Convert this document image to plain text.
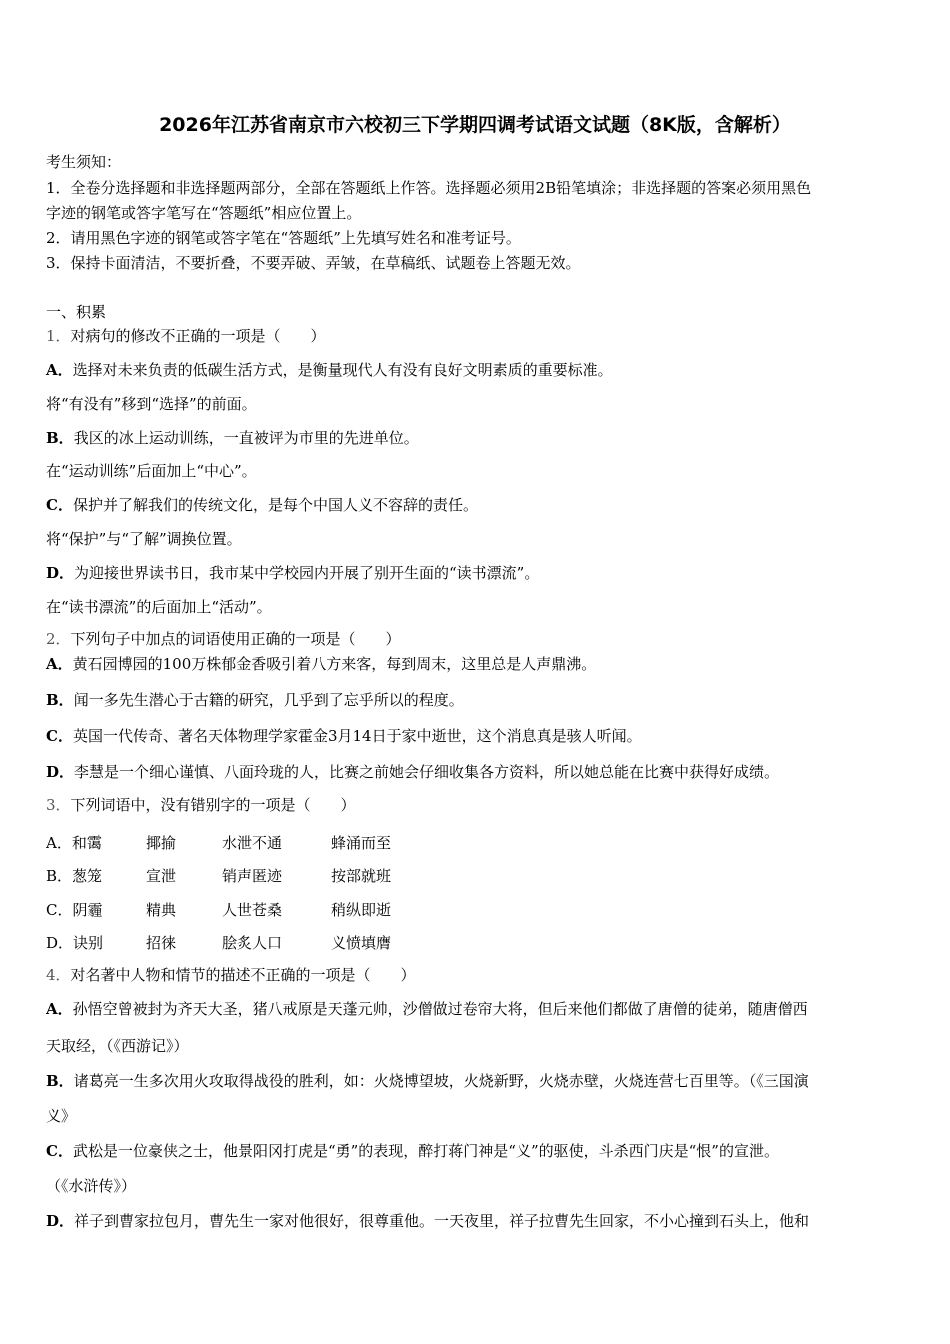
2026年江苏省南京市六校初三下学期四调考试语文试题（8K版，含解析）
考生须知：
1．全卷分选择题和非选择题两部分，全部在答题纸上作答。选择题必须用2B铅笔填涂；非选择题的答案必须用黑色
字迹的钢笔或答字笔写在“答题纸”相应位置上。
2．请用黑色字迹的钢笔或答字笔在“答题纸”上先填写姓名和准考证号。
3．保持卡面清洁，不要折叠，不要弄破、弄皱，在草稿纸、试题卷上答题无效。
一、积累
1．对病句的修改不正确的一项是（　　）
A．选择对未来负责的低碳生活方式，是衡量现代人有没有良好文明素质的重要标准。
将“有没有”移到“选择”的前面。
B．我区的冰上运动训练，一直被评为市里的先进单位。
在“运动训练”后面加上“中心”。
C．保护并了解我们的传统文化，是每个中国人义不容辞的责任。
将“保护”与“了解”调换位置。
D．为迎接世界读书日，我市某中学校园内开展了别开生面的“读书漂流”。
在“读书漂流”的后面加上“活动”。
2．下列句子中加点的词语使用正确的一项是（　　）
A．黄石园博园的100万株郁金香吸引着八方来客，每到周末，这里总是人声鼎沸。
B．闻一多先生潜心于古籍的研究，几乎到了忘乎所以的程度。
C．英国一代传奇、著名天体物理学家霍金3月14日于家中逝世，这个消息真是骇人听闻。
D．李慧是一个细心谨慎、八面玲珑的人，比赛之前她会仔细收集各方资料，所以她总能在比赛中获得好成绩。
3．下列词语中，没有错别字的一项是（　　）
A．和霭	揶揄	水泄不通	蜂涌而至
B．葱笼	宣泄	销声匿迹	按部就班
C．阴霾	精典	人世苍桑	稍纵即逝
D．诀别	招徕	脍炙人口	义愤填膺
4．对名著中人物和情节的描述不正确的一项是（　　）
A．孙悟空曾被封为齐天大圣，猪八戒原是天蓬元帅，沙僧做过卷帘大将，但后来他们都做了唐僧的徒弟，随唐僧西
天取经，（《西游记》）
B．诸葛亮一生多次用火攻取得战役的胜利，如：火烧博望坡，火烧新野，火烧赤壁，火烧连营七百里等。（《三国演
义》
C．武松是一位豪侠之士，他景阳冈打虎是“勇”的表现，醉打蒋门神是“义”的驱使，斗杀西门庆是“恨”的宣泄。
（《水浒传》）
D．祥子到曹家拉包月，曹先生一家对他很好，很尊重他。一天夜里，祥子拉曹先生回家，不小心撞到石头上，他和
